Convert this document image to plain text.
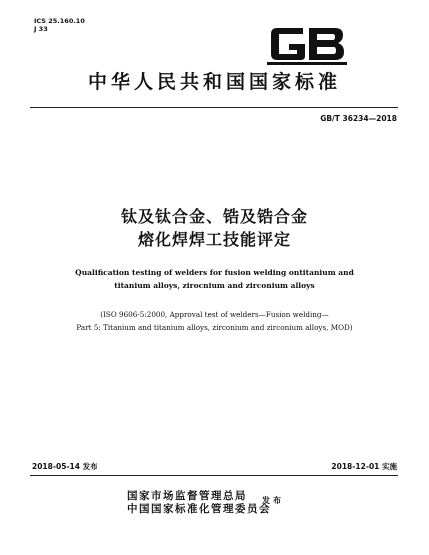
ICS 25.160.10
J 33
中华人民共和国国家标准
GB/T 36234—2018
钛及钛合金、锆及锆合金
熔化焊焊工技能评定
Qualification testing of welders for fusion welding ontitanium and
titanium alloys, zirocnium and zirconium alloys
(ISO 9606-5:2000, Approval test of welders—Fusion welding—
Part 5: Titanium and titanium alloys, zirconium and zirconium alloys, MOD)
2018-05-14 发布	2018-12-01 实施
国家市场监督管理总局
中国国家标准化管理委员会
发布
